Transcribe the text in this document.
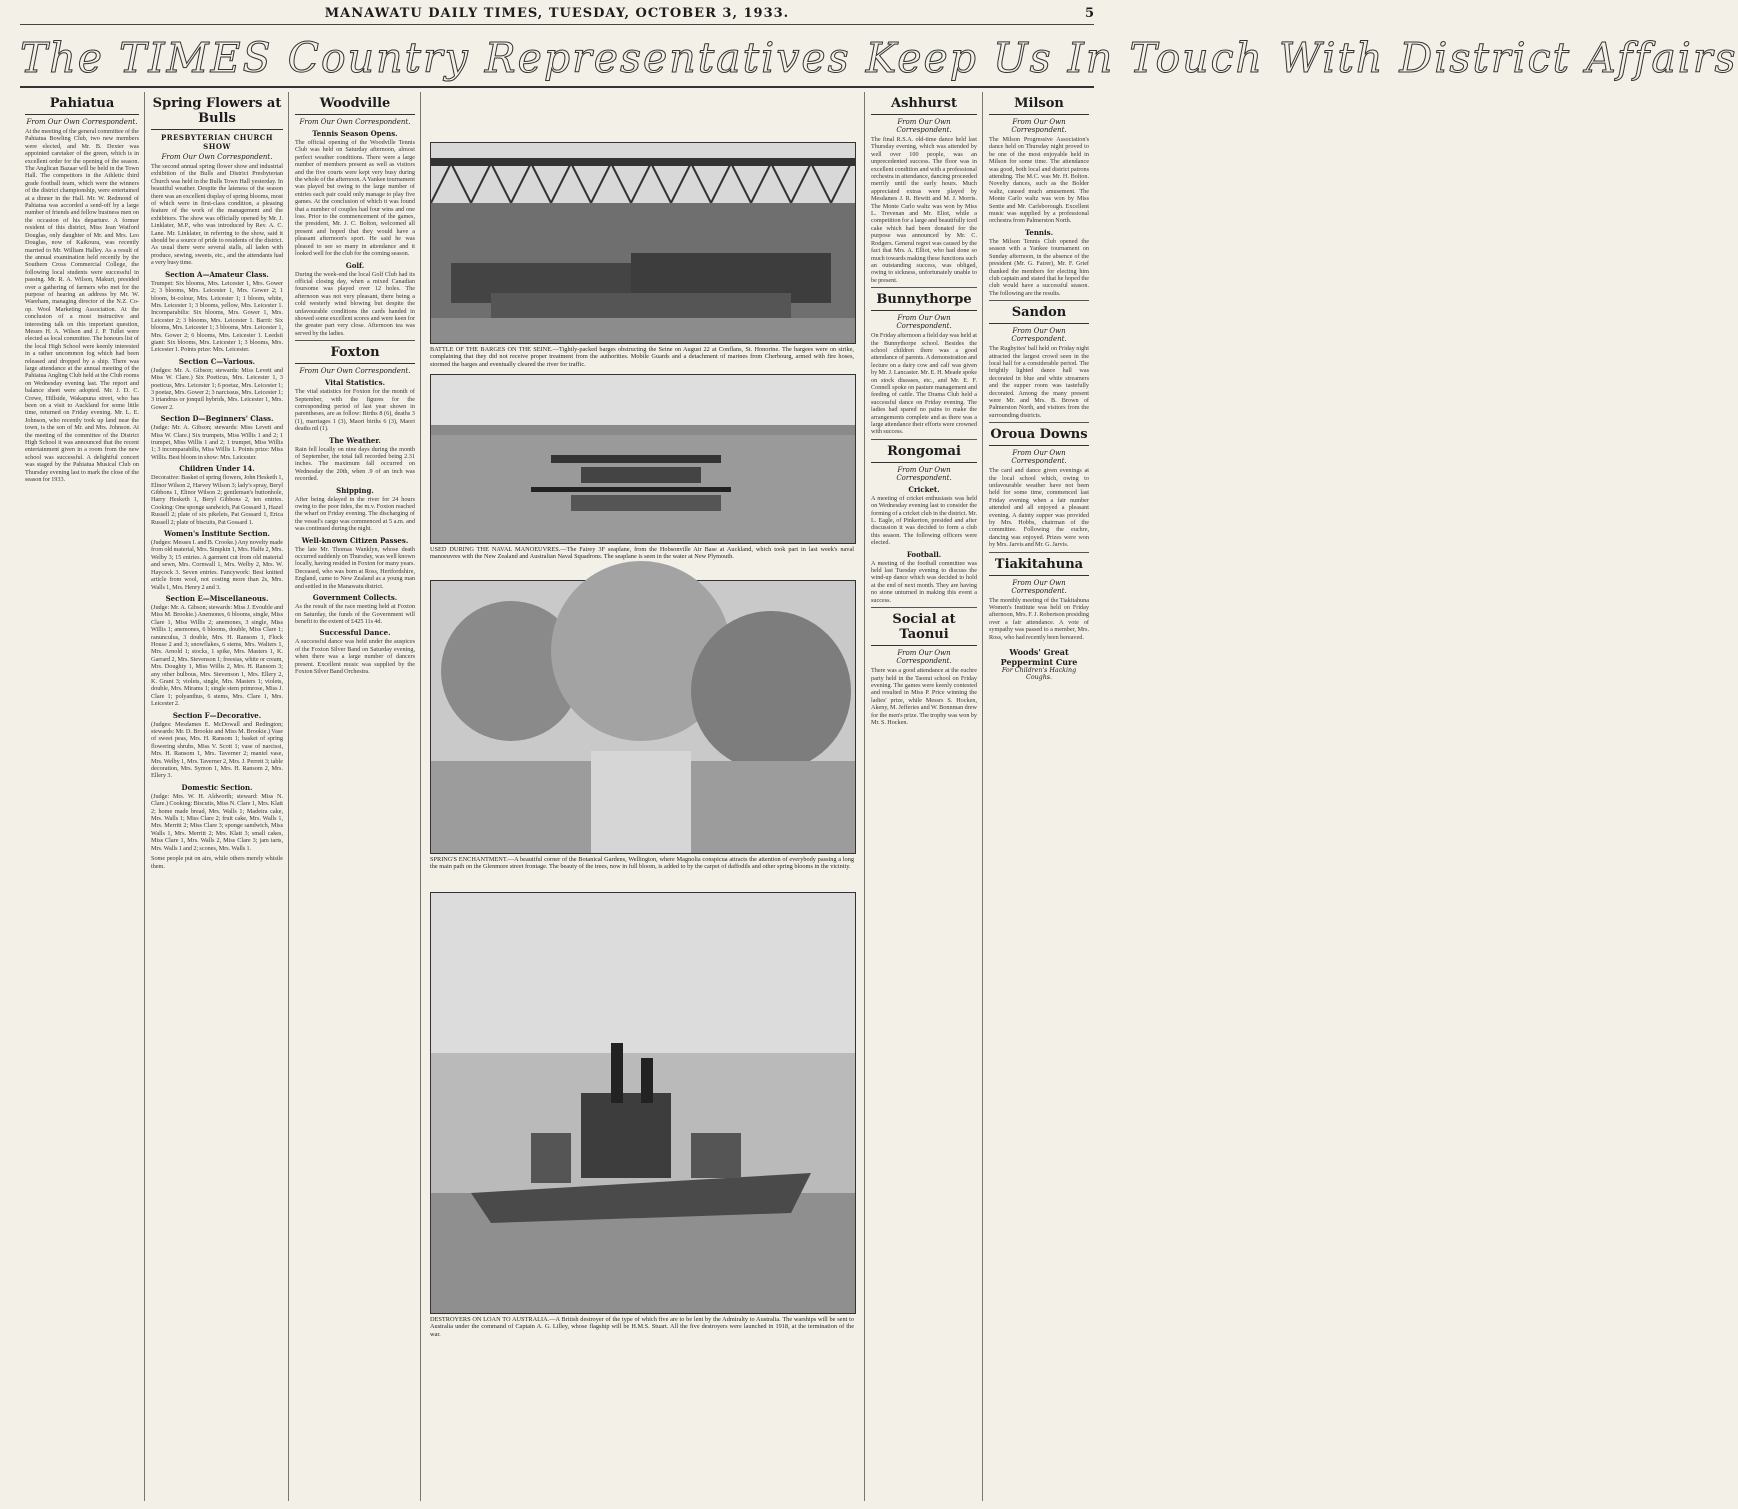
MANAWATU DAILY TIMES, TUESDAY, OCTOBER 3, 1933.	5
The TIMES Country Representatives Keep Us In Touch With District Affairs
Pahiatua
From Our Own Correspondent.
At the meeting of the general committee of the Pahiatua Bowling Club, two new members were elected, and Mr. B. Dexter was appointed caretaker of the green, which is in excellent order for the opening of the season. The Anglican Bazaar will be held in the Town Hall. The competitors in the Athletic third grade football team, which were the winners of the district championship, were entertained at a dinner in the Hall. Mr. W. Redmond of Pahiatua was accorded a send-off by a large number of friends and fellow business men on the occasion of his departure. A former resident of this district, Miss Jean Watford Douglas, only daughter of Mr. and Mrs. Leo Douglas, now of Kaikoura, was recently married to Mr. William Halley. As a result of the annual examination held recently by the Southern Cross Commercial College, the following local students were successful in passing. Mr. R. A. Wilson, Makuri, presided over a gathering of farmers who met for the purpose of hearing an address by Mr. W. Wareham, managing director of the N.Z. Co-op. Wool Marketing Association. At the conclusion of a most instructive and interesting talk on this important question, Messrs H. A. Wilson and J. P. Tullet were elected as local committee. The honours list of the local High School were keenly interested in a rather uncommon fog which had been released and dropped by a ship. There was large attendance at the annual meeting of the Pahiatua Angling Club held at the Club rooms on Wednesday evening last. The report and balance sheet were adopted. Mr. J. D. C. Crewe, Hillside, Wakapuna street, who has been on a visit to Auckland for some little time, returned on Friday evening. Mr. L. E. Johnson, who recently took up land near the town, is the son of Mr. and Mrs. Johnson. At the meeting of the committee of the District High School it was announced that the recent entertainment given in a room from the new school was successful. A delightful concert was staged by the Pahiatua Musical Club on Thursday evening last to mark the close of the season for 1933.
Spring Flowers at Bulls
PRESBYTERIAN CHURCH SHOW
From Our Own Correspondent.
The second annual spring flower show and industrial exhibition of the Bulls and District Presbyterian Church was held in the Bulls Town Hall yesterday. In beautiful weather. Despite the lateness of the season there was an excellent display of spring blooms, most of which were in first-class condition, a pleasing feature of the work of the management and the exhibitors. The show was officially opened by Mr. J. Linklater, M.P., who was introduced by Rev. A. C. Lane. Mr. Linklater, in referring to the show, said it should be a source of pride to residents of the district. As usual there were several stalls, all laden with produce, sewing, sweets, etc., and the attendants had a very busy time.
Section A—Amateur Class.
Trumpet: Six blooms, Mrs. Leicester 1, Mrs. Gower 2; 3 blooms, Mrs. Leicester 1, Mrs. Gower 2; 1 bloom, bi-colour, Mrs. Leicester 1; 1 bloom, white, Mrs. Leicester 1; 3 blooms, yellow, Mrs. Leicester 1. Incomparabilis: Six blooms, Mrs. Gower 1, Mrs. Leicester 2; 3 blooms, Mrs. Leicester 1. Barrii: Six blooms, Mrs. Leicester 1; 3 blooms, Mrs. Leicester 1, Mrs. Gower 2; 6 blooms, Mrs. Leicester 1. Leedsii giant: Six blooms, Mrs. Leicester 1; 3 blooms, Mrs. Leicester 1. Points prize: Mrs. Leicester.
Section C—Various.
(Judges: Mr. A. Gibson; stewards: Miss Levett and Miss W. Clare.) Six Poeticus, Mrs. Leicester 1, 3 poeticus, Mrs. Leicester 1; 6 poetaz, Mrs. Leicester 1; 3 poetaz, Mrs. Gower 2; 3 narcissus, Mrs. Leicester 1; 3 triandrus or jonquil hybrids, Mrs. Leicester 1, Mrs. Gower 2.
Section D—Beginners' Class.
(Judge: Mr. A. Gibson; stewards: Miss Levett and Miss W. Clare.) Six trumpets, Miss Willis 1 and 2; 1 trumpet, Miss Willis 1 and 2; 1 trumpet, Miss Willis 1; 3 incomparabilis, Miss Willis 1. Points prize: Miss Willis. Best bloom in show: Mrs. Leicester.
Children Under 14.
Decorative: Basket of spring flowers, John Hesketh 1, Elinor Wilson 2, Harvey Wilson 3; lady's spray, Beryl Gibbons 1, Elinor Wilson 2; gentleman's buttonhole, Harry Hesketh 1, Beryl Gibbons 2, ten entries. Cooking: One sponge sandwich, Pat Gossard 1, Hazel Russell 2; plate of six pikelets, Pat Gossard 1, Erica Russell 2; plate of biscuits, Pat Gossard 1.
Women's Institute Section.
(Judges: Messes I. and B. Crooke.) Any novelty made from old material, Mrs. Simpkin 1, Mrs. Halfe 2, Mrs. Welby 3; 15 entries. A garment cut from old material and sewn, Mrs. Cornwall 1, Mrs. Welby 2, Mrs. W. Haycock 3. Seven entries. Fancywork: Best knitted article from wool, not costing more than 2s, Mrs. Walls 1, Mrs. Henry 2 and 3.
Section E—Miscellaneous.
(Judge: Mr. A. Gibson; stewards: Miss J. Evouble and Miss M. Brookie.) Anemones, 6 blooms, single, Miss Clare 1, Miss Willis 2; anemones, 3 single, Miss Willis 1; anemones, 6 blooms, double, Miss Clare 1; ranunculus, 3 double, Mrs. H. Ransom 1, Flock House 2 and 3; snowflakes, 6 stems, Mrs. Walters 1, Mrs. Arnold 1; stocks, 1 spike, Mrs. Masters 1, K. Garrard 2, Mrs. Stevenson 1; freesias, white or cream, Mrs. Doughty 1, Miss Willis 2, Mrs. H. Ransom 3; any other bulbous, Mrs. Stevenson 1, Mrs. Ellery 2, K. Grant 3; violets, single, Mrs. Masters 1; violets, double, Mrs. Mirams 1; single stem primrose, Miss J. Clare 1; polyanthus, 6 stems, Mrs. Clare 1, Mrs. Leicester 2.
Section F—Decorative.
(Judges: Mesdames E. McDowall and Redington; stewards: Mr. D. Brookie and Miss M. Brookie.) Vase of sweet peas, Mrs. H. Ransom 1; basket of spring flowering shrubs, Miss V. Scott 1; vase of narcissi, Mrs. H. Ransom 1, Mrs. Taverner 2; mantel vase, Mrs. Welby 1, Mrs. Taverner 2, Mrs. J. Perrett 3; table decoration, Mrs. Symon 1, Mrs. H. Ransom 2, Mrs. Ellery 3.
Domestic Section.
(Judge: Mrs. W. H. Aldworth; steward: Miss N. Clare.) Cooking: Biscuits, Miss N. Clare 1, Mrs. Klatt 2; home made bread, Mrs. Walls 1; Madeira cake, Mrs. Walls 1; Miss Clare 2; fruit cake, Mrs. Walls 1, Mrs. Merritt 2; Miss Clare 3; sponge sandwich, Miss Walls 1, Mrs. Merritt 2; Mrs. Klatt 3; small cakes, Miss Clare 1, Mrs. Walls 2, Miss Clare 3; jam tarts, Mrs. Walls 1 and 2; scones, Mrs. Walls 1.
Some people put on airs, while others merely whistle them.
Woodville
From Our Own Correspondent.
Tennis Season Opens.
The official opening of the Woodville Tennis Club was held on Saturday afternoon, almost perfect weather conditions. There were a large number of members present as well as visitors and the five courts were kept very busy during the whole of the afternoon. A Yankee tournament was played but owing to the large number of entries each pair could only manage to play five games. At the conclusion of which it was found that a number of couples had four wins and one loss. Prior to the commencement of the games, the president, Mr. J. C. Bolton, welcomed all present and hoped that they would have a pleasant afternoon's sport. He said he was pleased to see so many in attendance and it looked well for the club for the coming season.
Golf.
During the week-end the local Golf Club had its official closing day, when a mixed Canadian foursome was played over 12 holes. The afternoon was not very pleasant, there being a cold westerly wind blowing but despite the unfavourable conditions the cards handed in showed some excellent scores and were keen for the greater part very close. Afternoon tea was served by the ladies.
Foxton
From Our Own Correspondent.
Vital Statistics.
The vital statistics for Foxton for the month of September, with the figures for the corresponding period of last year shown in parentheses, are as follow: Births 8 (6), deaths 3 (1), marriages 1 (3), Maori births 6 (3), Maori deaths nil (1).
The Weather.
Rain fell locally on nine days during the month of September, the total fall recorded being 2.31 inches. The maximum fall occurred on Wednesday the 20th, when .9 of an inch was recorded.
Shipping.
After being delayed in the river for 24 hours owing to the poor tides, the m.v. Foxton reached the wharf on Friday evening. The discharging of the vessel's cargo was commenced at 5 a.m. and was continued during the night.
Well-known Citizen Passes.
The late Mr. Thomas Wanklyn, whose death occurred suddenly on Thursday, was well known locally, having resided in Foxton for many years. Deceased, who was born at Ross, Hertfordshire, England, came to New Zealand as a young man and settled in the Manawatu district.
Government Collects.
As the result of the race meeting held at Foxton on Saturday, the funds of the Government will benefit to the extent of £425 11s 4d.
Successful Dance.
A successful dance was held under the auspices of the Foxton Silver Band on Saturday evening, when there was a large number of dancers present. Excellent music was supplied by the Foxton Silver Band Orchestra.
BATTLE OF THE BARGES ON THE SEINE.—Tightly-packed barges obstructing the Seine on August 22 at Conflans, St. Honorine. The bargees were on strike, complaining that they did not receive proper treatment from the authorities. Mobile Guards and a detachment of marines from Cherbourg, armed with fire hoses, stormed the barges and eventually cleared the river for traffic.
USED DURING THE NAVAL MANOEUVRES.—The Fairey 3F seaplane, from the Hobsonville Air Base at Auckland, which took part in last week's naval manoeuvres with the New Zealand and Australian Naval Squadrons. The seaplane is seen in the water at New Plymouth.
SPRING'S ENCHANTMENT.—A beautiful corner of the Botanical Gardens, Wellington, where Magnolia conspicua attracts the attention of everybody passing a long the main path on the Glenmore street frontage. The beauty of the trees, now in full bloom, is added to by the carpet of daffodils and other spring blooms in the vicinity.
DESTROYERS ON LOAN TO AUSTRALIA.—A British destroyer of the type of which five are to be lent by the Admiralty to Australia. The warships will be sent to Australia under the command of Captain A. G. Lilley, whose flagship will be H.M.S. Stuart. All the five destroyers were launched in 1918, at the termination of the war.
Ashhurst
From Our Own Correspondent.
The final R.S.A. old-time dance held last Thursday evening, which was attended by well over 100 people, was an unprecedented success. The floor was in excellent condition and with a professional orchestra in attendance, dancing proceeded merrily until the early hours. Much appreciated extras were played by Mesdames J. R. Hewitt and M. J. Morris. The Monte Carlo waltz was won by Miss L. Trevenan and Mr. Eliot, while a competition for a large and beautifully iced cake which had been donated for the purpose was announced by Mr. C. Rodgers. General regret was caused by the fact that Mrs. A. Elliot, who had done so much towards making these functions such an outstanding success, was obliged, owing to sickness, unfortunately unable to be present.
Bunnythorpe
From Our Own Correspondent.
On Friday afternoon a field day was held at the Bunnythorpe school. Besides the school children there was a good attendance of parents. A demonstration and lecture on a dairy cow and calf was given by Mr. J. Lancaster. Mr. E. H. Meade spoke on stock diseases, etc., and Mr. E. F. Connell spoke on pasture management and feeding of cattle. The Drama Club held a successful dance on Friday evening. The ladies had spared no pains to make the arrangements complete and as there was a large attendance their efforts were crowned with success.
Rongomai
From Our Own Correspondent.
Cricket.
A meeting of cricket enthusiasts was held on Wednesday evening last to consider the forming of a cricket club in the district. Mr. L. Eagle, of Pinkerton, presided and after discussion it was decided to form a club this season. The following officers were elected.
Football.
A meeting of the football committee was held last Tuesday evening to discuss the wind-up dance which was decided to hold at the end of next month. They are having no stone unturned in making this event a success.
Social at Taonui
From Our Own Correspondent.
There was a good attendance at the euchre party held in the Taonui school on Friday evening. The games were keenly contested and resulted in Miss P. Price winning the ladies' prize, while Messrs S. Hocken, Akeny, M. Jefferies and W. Bonnman drew for the men's prize. The trophy was won by Mr. S. Hocken.
Milson
From Our Own Correspondent.
The Milson Progressive Association's dance held on Thursday night proved to be one of the most enjoyable held in Milson for some time. The attendance was good, both local and district patrons attending. The M.C. was Mr. H. Bolton. Novelty dances, such as the Bolder waltz, caused much amusement. The Monte Carlo waltz was won by Miss Sentie and Mr. Carlsborough. Excellent music was supplied by a professional orchestra from Palmerston North.
Tennis.
The Milson Tennis Club opened the season with a Yankee tournament on Sunday afternoon, in the absence of the president (Mr. G. Fairer), Mr. F. Grief thanked the members for electing him club captain and stated that he hoped the club would have a successful season. The following are the results.
Sandon
From Our Own Correspondent.
The Rugbyites' ball held on Friday night attracted the largest crowd seen in the local hall for a considerable period. The brightly lighted dance hall was decorated in blue and white streamers and the supper room was tastefully decorated. Among the many present were Mr. and Mrs. B. Brown of Palmerston North, and visitors from the surrounding districts.
Oroua Downs
From Our Own Correspondent.
The card and dance given evenings at the local school which, owing to unfavourable weather have not been held for some time, commenced last Friday evening when a fair number attended and all enjoyed a pleasant evening. A dainty supper was provided by Mrs. Hobbs, chairman of the committee. Following the euchre, dancing was enjoyed. Prizes were won by Mrs. Jarvis and Mr. G. Jarvis.
Tiakitahuna
From Our Own Correspondent.
The monthly meeting of the Tiakitahuna Women's Institute was held on Friday afternoon, Mrs. F. J. Robertson presiding over a fair attendance. A vote of sympathy was passed to a member, Mrs. Ross, who had recently been bereaved.
Woods' Great Peppermint Cure
For Children's Hacking Coughs.
